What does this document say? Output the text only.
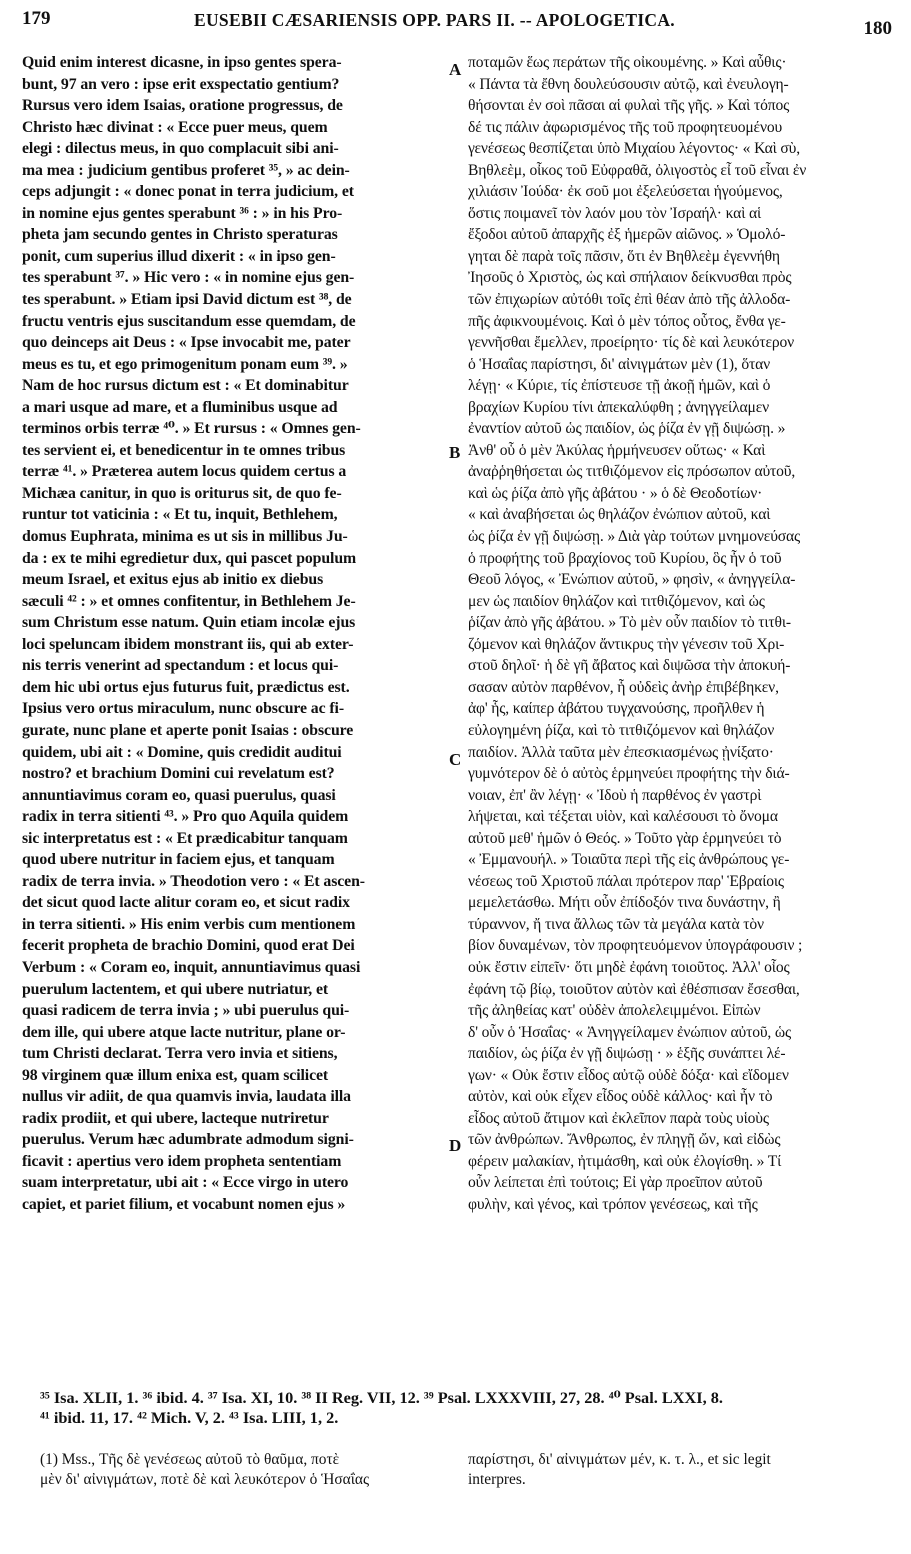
179	EUSEBII CÆSARIENSIS OPP. PARS II. -- APOLOGETICA.	180
Quid enim interest dicasne, in ipso gentes spera-
bunt, 97 an vero : ipse erit exspectatio gentium?
Rursus vero idem Isaias, oratione progressus, de
Christo hæc divinat : « Ecce puer meus, quem
elegi : dilectus meus, in quo complacuit sibi ani-
ma mea : judicium gentibus proferet ³⁵, » ac dein-
ceps adjungit : « donec ponat in terra judicium, et
in nomine ejus gentes sperabunt ³⁶ : » in his Pro-
pheta jam secundo gentes in Christo speraturas
ponit, cum superius illud dixerit : « in ipso gen-
tes sperabunt ³⁷. » Hic vero : « in nomine ejus gen-
tes sperabunt. » Etiam ipsi David dictum est ³⁸, de
fructu ventris ejus suscitandum esse quemdam, de
quo deinceps ait Deus : « Ipse invocabit me, pater
meus es tu, et ego primogenitum ponam eum ³⁹. »
Nam de hoc rursus dictum est : « Et dominabitur
a mari usque ad mare, et a fluminibus usque ad
terminos orbis terræ ⁴⁰. » Et rursus : « Omnes gen-
tes servient ei, et benedicentur in te omnes tribus
terræ ⁴¹. » Præterea autem locus quidem certus a
Michæa canitur, in quo is oriturus sit, de quo fe-
runtur tot vaticinia : « Et tu, inquit, Bethlehem,
domus Euphrata, minima es ut sis in millibus Ju-
da : ex te mihi egredietur dux, qui pascet populum
meum Israel, et exitus ejus ab initio ex diebus
sæculi ⁴² : » et omnes confitentur, in Bethlehem Je-
sum Christum esse natum. Quin etiam incolæ ejus
loci speluncam ibidem monstrant iis, qui ab exter-
nis terris venerint ad spectandum : et locus qui-
dem hic ubi ortus ejus futurus fuit, prædictus est.
Ipsius vero ortus miraculum, nunc obscure ac fi-
gurate, nunc plane et aperte ponit Isaias : obscure
quidem, ubi ait : « Domine, quis credidit auditui
nostro? et brachium Domini cui revelatum est?
annuntiavimus coram eo, quasi puerulus, quasi
radix in terra sitienti ⁴³. » Pro quo Aquila quidem
sic interpretatus est : « Et prædicabitur tanquam
quod ubere nutritur in faciem ejus, et tanquam
radix de terra invia. » Theodotion vero : « Et ascen-
det sicut quod lacte alitur coram eo, et sicut radix
in terra sitienti. » His enim verbis cum mentionem
fecerit propheta de brachio Domini, quod erat Dei
Verbum : « Coram eo, inquit, annuntiavimus quasi
puerulum lactentem, et qui ubere nutriatur, et
quasi radicem de terra invia ; » ubi puerulus qui-
dem ille, qui ubere atque lacte nutritur, plane or-
tum Christi declarat. Terra vero invia et sitiens,
98 virginem quæ illum enixa est, quam scilicet
nullus vir adiit, de qua quamvis invia, laudata illa
radix prodiit, et qui ubere, lacteque nutriretur
puerulus. Verum hæc adumbrate admodum signi-
ficavit : apertius vero idem propheta sententiam
suam interpretatur, ubi ait : « Ecce virgo in utero
capiet, et pariet filium, et vocabunt nomen ejus »
A
B
C
D
ποταμῶν ἕως περάτων τῆς οἰκουμένης. » Καὶ αὖθις·
« Πάντα τὰ ἔθνη δουλεύσουσιν αὐτῷ, καὶ ἐνευλογη-
θήσονται ἐν σοὶ πᾶσαι αἱ φυλαὶ τῆς γῆς. » Καὶ τόπος
δέ τις πάλιν ἀφωρισμένος τῆς τοῦ προφητευομένου
γενέσεως θεσπίζεται ὑπὸ Μιχαίου λέγοντος· « Καὶ σὺ,
Βηθλεὲμ, οἶκος τοῦ Εὐφραθᾶ, ὀλιγοστὸς εἶ τοῦ εἶναι ἐν
χιλιάσιν Ἰούδα· ἐκ σοῦ μοι ἐξελεύσεται ἡγούμενος,
ὅστις ποιμανεῖ τὸν λαόν μου τὸν Ἰσραήλ· καὶ αἱ
ἔξοδοι αὐτοῦ ἀπαρχῆς ἐξ ἡμερῶν αἰῶνος. » Ὁμολό-
γηται δὲ παρὰ τοῖς πᾶσιν, ὅτι ἐν Βηθλεὲμ ἐγεννήθη
Ἰησοῦς ὁ Χριστὸς, ὡς καὶ σπήλαιον δείκνυσθαι πρὸς
τῶν ἐπιχωρίων αὐτόθι τοῖς ἐπὶ θέαν ἀπὸ τῆς ἀλλοδα-
πῆς ἀφικνουμένοις. Καὶ ὁ μὲν τόπος οὗτος, ἔνθα γε-
γεννῆσθαι ἔμελλεν, προείρητο· τίς δὲ καὶ λευκότερον
ὁ Ἡσαΐας παρίστησι, δι' αἰνιγμάτων μὲν (1), ὅταν
λέγῃ· « Κύριε, τίς ἐπίστευσε τῇ ἀκοῇ ἡμῶν, καὶ ὁ
βραχίων Κυρίου τίνι ἀπεκαλύφθη ; ἀνηγγείλαμεν
ἐναντίον αὐτοῦ ὡς παιδίον, ὡς ῥίζα ἐν γῇ διψώσῃ. »
Ἀνθ' οὗ ὁ μὲν Ἀκύλας ἡρμήνευσεν οὕτως· « Καὶ
ἀναῤῥηθήσεται ὡς τιτθιζόμενον εἰς πρόσωπον αὐτοῦ,
καὶ ὡς ῥίζα ἀπὸ γῆς ἀβάτου · » ὁ δὲ Θεοδοτίων·
« καὶ ἀναβήσεται ὡς θηλάζον ἐνώπιον αὐτοῦ, καὶ
ὡς ῥίζα ἐν γῇ διψώσῃ. » Διὰ γὰρ τούτων μνημονεύσας
ὁ προφήτης τοῦ βραχίονος τοῦ Κυρίου, ὃς ἦν ὁ τοῦ
Θεοῦ λόγος, « Ἐνώπιον αὐτοῦ, » φησὶν, « ἀνηγγείλα-
μεν ὡς παιδίον θηλάζον καὶ τιτθιζόμενον, καὶ ὡς
ῥίζαν ἀπὸ γῆς ἀβάτου. » Τὸ μὲν οὖν παιδίον τὸ τιτθι-
ζόμενον καὶ θηλάζον ἄντικρυς τὴν γένεσιν τοῦ Χρι-
στοῦ δηλοῖ· ἡ δὲ γῆ ἄβατος καὶ διψῶσα τὴν ἀποκυή-
σασαν αὐτὸν παρθένον, ἧ οὐδεὶς ἀνὴρ ἐπιβέβηκεν,
ἀφ' ἧς, καίπερ ἀβάτου τυγχανούσης, προῆλθεν ἡ
εὐλογημένη ῥίζα, καὶ τὸ τιτθιζόμενον καὶ θηλάζον
παιδίον. Ἀλλὰ ταῦτα μὲν ἐπεσκιασμένως ᾐνίξατο·
γυμνότερον δὲ ὁ αὐτὸς ἑρμηνεύει προφήτης τὴν διά-
νοιαν, ἐπ' ἂν λέγῃ· « Ἰδοὺ ἡ παρθένος ἐν γαστρὶ
λήψεται, καὶ τέξεται υἱὸν, καὶ καλέσουσι τὸ ὄνομα
αὐτοῦ μεθ' ἡμῶν ὁ Θεός. » Τοῦτο γὰρ ἑρμηνεύει τὸ
« Ἐμμανουήλ. » Τοιαῦτα περὶ τῆς εἰς ἀνθρώπους γε-
νέσεως τοῦ Χριστοῦ πάλαι πρότερον παρ' Ἑβραίοις
μεμελετάσθω. Μήτι οὖν ἐπίδοξόν τινα δυνάστην, ἢ
τύραννον, ἤ τινα ἄλλως τῶν τὰ μεγάλα κατὰ τὸν
βίον δυναμένων, τὸν προφητευόμενον ὑπογράφουσιν ;
οὐκ ἔστιν εἰπεῖν· ὅτι μηδὲ ἐφάνη τοιοῦτος. Ἀλλ' οἷος
ἐφάνη τῷ βίῳ, τοιοῦτον αὐτὸν καὶ ἐθέσπισαν ἔσεσθαι,
τῆς ἀληθείας κατ' οὐδὲν ἀπολελειμμένοι. Εἰπὼν
δ' οὖν ὁ Ἡσαΐας· « Ἀνηγγείλαμεν ἐνώπιον αὐτοῦ, ὡς
παιδίον, ὡς ῥίζα ἐν γῇ διψώσῃ · » ἑξῆς συνάπτει λέ-
γων· « Οὐκ ἔστιν εἶδος αὐτῷ οὐδὲ δόξα· καὶ εἴδομεν
αὐτὸν, καὶ οὐκ εἶχεν εἶδος οὐδὲ κάλλος· καὶ ἦν τὸ
εἶδος αὐτοῦ ἄτιμον καὶ ἐκλεῖπον παρὰ τοὺς υἱοὺς
τῶν ἀνθρώπων. Ἄνθρωπος, ἐν πληγῇ ὤν, καὶ εἰδὼς
φέρειν μαλακίαν, ἠτιμάσθη, καὶ οὐκ ἐλογίσθη. » Τί
οὖν λείπεται ἐπὶ τούτοις; Εἰ γὰρ προεῖπον αὐτοῦ
φυλὴν, καὶ γένος, καὶ τρόπον γενέσεως, καὶ τῆς
³⁵ Isa. XLII, 1. ³⁶ ibid. 4. ³⁷ Isa. XI, 10. ³⁸ II Reg. VII, 12. ³⁹ Psal. LXXXVIII, 27, 28. ⁴⁰ Psal. LXXI, 8.
⁴¹ ibid. 11, 17. ⁴² Mich. V, 2. ⁴³ Isa. LIII, 1, 2.
(1) Mss., Τῆς δὲ γενέσεως αὐτοῦ τὸ θαῦμα, ποτὲ
μὲν δι' αἰνιγμάτων, ποτὲ δὲ καὶ λευκότερον ὁ Ἡσαΐας
παρίστησι, δι' αἰνιγμάτων μέν, κ. τ. λ., et sic legit
interpres.
